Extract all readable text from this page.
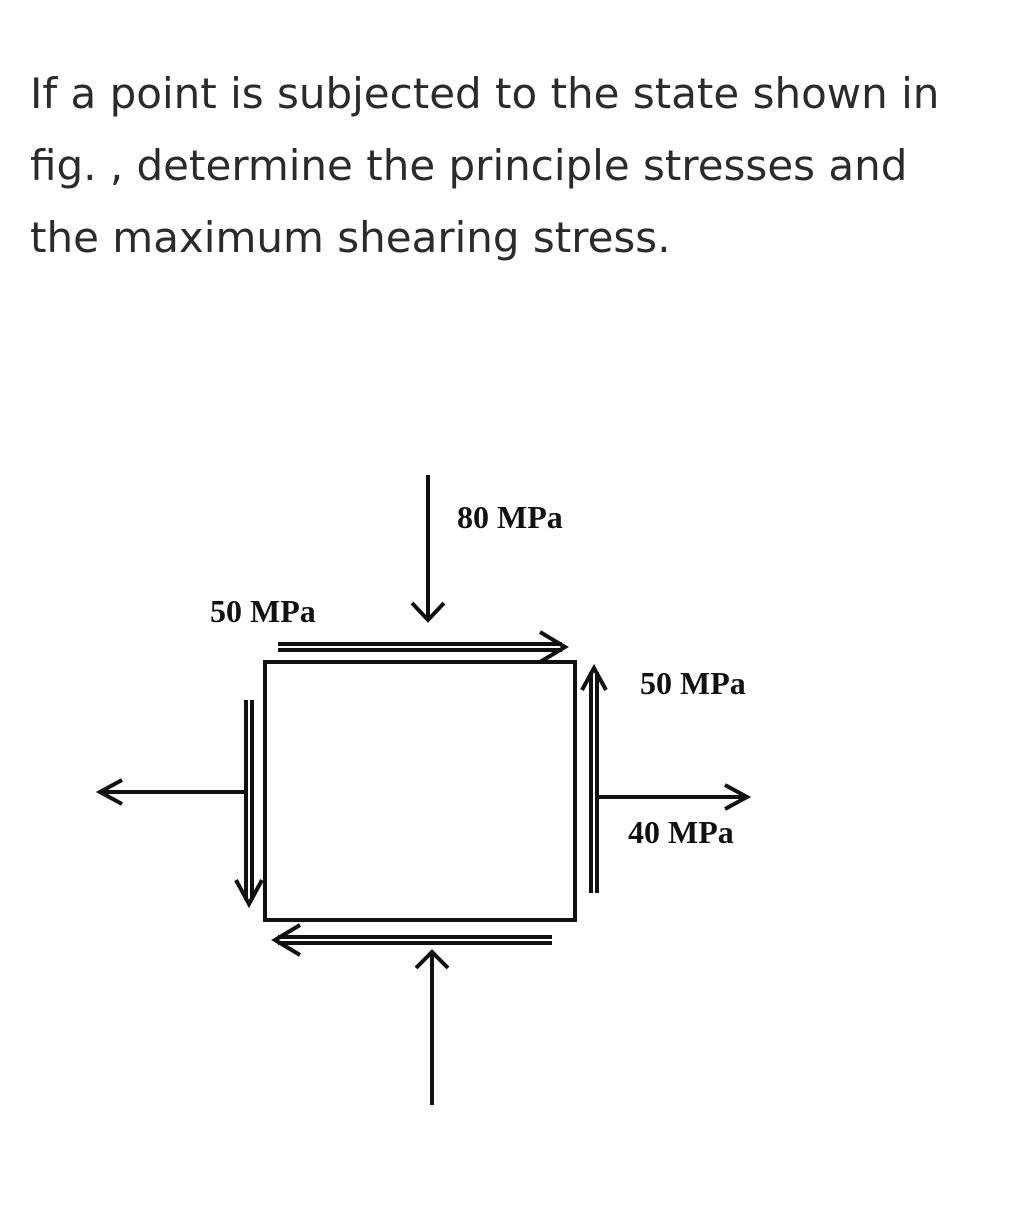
If a point is subjected to the state shown in
fig. , determine the principle stresses and
the maximum shearing stress.
80 MPa
50 MPa
50 MPa
40 MPa
